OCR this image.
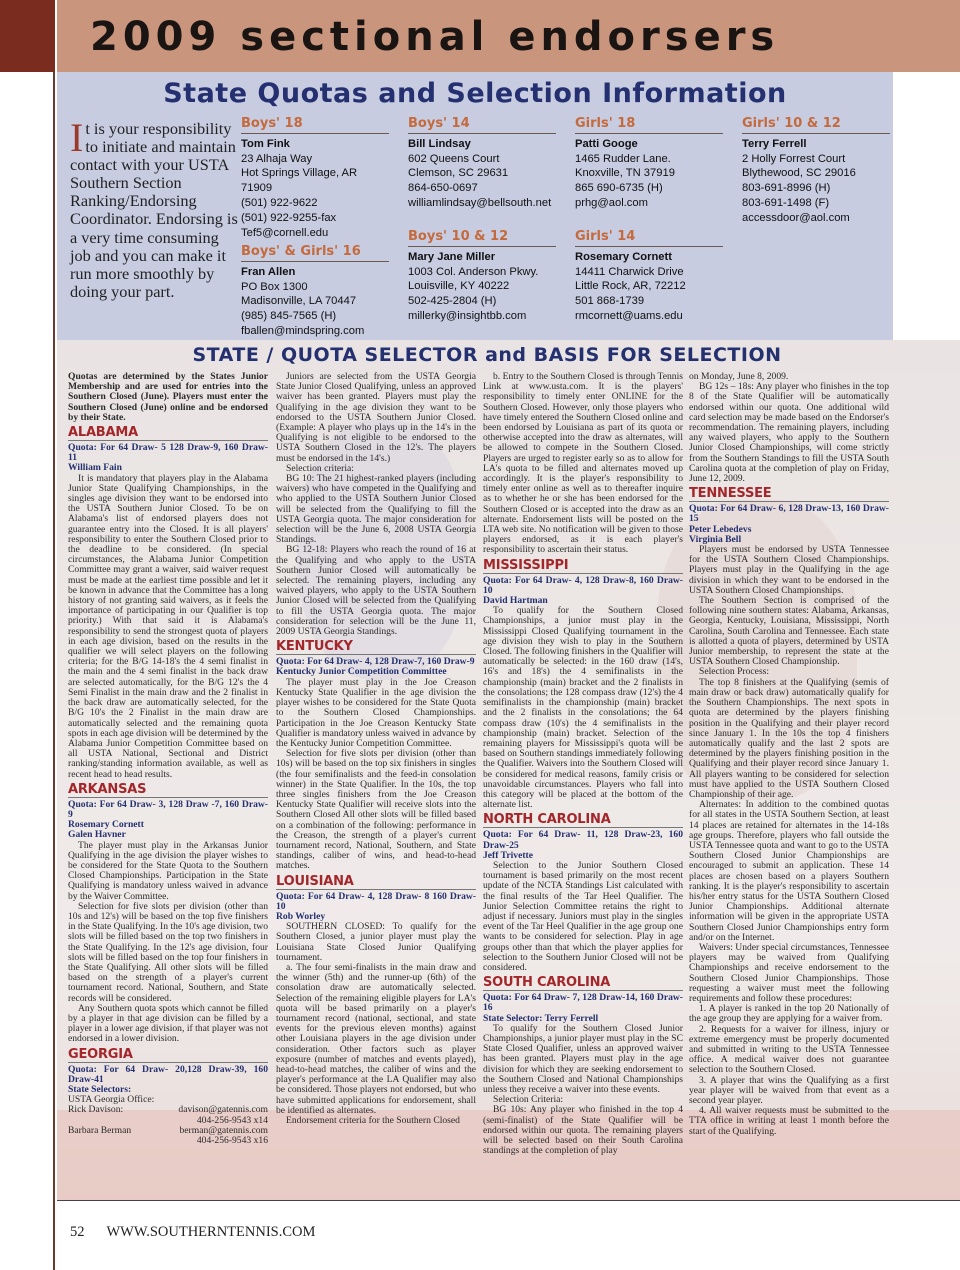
2009 sectional endorsers
State Quotas and Selection Information
It is your responsibility to initiate and maintain contact with your USTA Southern Section Ranking/Endorsing Coordinator. Endorsing is a very time consuming job and you can make it run more smoothly by doing your part.
Boys' 18
Tom Fink
23 Alhaja Way
Hot Springs Village, AR 71909
(501) 922-9622
(501) 922-9255-fax
Tef5@cornell.edu
Boys' 14
Bill Lindsay
602 Queens Court
Clemson, SC 29631
864-650-0697
williamlindsay@bellsouth.net
Girls' 18
Patti Googe
1465 Rudder Lane.
Knoxville, TN 37919
865 690-6735 (H)
prhg@aol.com
Girls' 10 & 12
Terry Ferrell
2 Holly Forrest Court
Blythewood, SC 29016
803-691-8996 (H)
803-691-1498 (F)
accessdoor@aol.com
Boys' & Girls' 16
Fran Allen
PO Box 1300
Madisonville, LA 70447
(985) 845-7565 (H)
fballen@mindspring.com
Boys' 10 & 12
Mary Jane Miller
1003 Col. Anderson Pkwy.
Louisville, KY 40222
502-425-2804 (H)
millerky@insightbb.com
Girls' 14
Rosemary Cornett
14411 Charwick Drive
Little Rock, AR, 72212
501 868-1739
rmcornett@uams.edu
STATE / QUOTA SELECTOR and BASIS FOR SELECTION

Quotas are determined by the States Junior Membership and are used for entries into the Southern Closed (June). Players must enter the Southern Closed (June) online and be endorsed by their State.

ALABAMA

Quota: For 64 Draw- 5 128 Draw-9, 160 Draw-11

William Fain

It is mandatory that players play in the Alabama Junior State Qualifying Championships, in the singles age division they want to be endorsed into the USTA Southern Junior Closed. To be on Alabama's list of endorsed players does not guarantee entry into the Closed. It is all players' responsibility to enter the Southern Closed prior to the deadline to be considered. (In special circumstances, the Alabama Junior Competition Committee may grant a waiver, said waiver request must be made at the earliest time possible and let it be known in advance that the Committee has a long history of not granting said waivers, as it feels the importance of participating in our Qualifier is top priority.) With that said it is Alabama's responsibility to send the strongest quota of players in each age division, based on the results in the qualifier we will select players on the following criteria; for the B/G 14-18's the 4 semi finalist in the main and the 4 semi finalist in the back draw are selected automatically, for the B/G 12's the 4 Semi Finalist in the main draw and the 2 finalist in the back draw are automatically selected, for the B/G 10's the 2 Finalist in the main draw are automatically selected and the remaining quota spots in each age division will be determined by the Alabama Junior Competition Committee based on all USTA National, Sectional and District ranking/standing information available, as well as recent head to head results.

ARKANSAS

Quota: For 64 Draw- 3, 128 Draw -7, 160 Draw-9

Rosemary Cornett

Galen Havner

The player must play in the Arkansas Junior Qualifying in the age division the player wishes to be considered for the State Quota to the Southern Closed Championships. Participation in the State Qualifying is mandatory unless waived in advance by the Waiver Committee.

Selection for five slots per division (other than 10s and 12's) will be based on the top five finishers in the State Qualifying. In the 10's age division, two slots will be filled based on the top two finishers in the State Qualifying. In the 12's age division, four slots will be filled based on the top four finishers in the State Qualifying. All other slots will be filled based on the strength of a player's current tournament record. National, Southern, and State records will be considered.

Any Southern quota spots which cannot be filled by a player in that age division can be filled by a player in a lower age division, if that player was not endorsed in a lower division.

GEORGIA

Quota: For 64 Draw- 20,128 Draw-39, 160 Draw-41

State Selectors:

USTA Georgia Office:

Rick Davison:	davison@gatennis.com

404-256-9543 x14

Barbara Berman	berman@gatennis.com

404-256-9543 x16

Juniors are selected from the USTA Georgia State Junior Closed Qualifying, unless an approved waiver has been granted. Players must play the Qualifying in the age division they want to be endorsed to the USTA Southern Junior Closed. (Example: A player who plays up in the 14's in the Qualifying is not eligible to be endorsed to the USTA Southern Closed in the 12's. The players must be endorsed in the 14's.)

Selection criteria:

BG 10: The 21 highest-ranked players (including waivers) who have competed in the Qualifying and who applied to the USTA Southern Junior Closed will be selected from the Qualifying to fill the USTA Georgia quota. The major consideration for selection will be the June 6, 2008 USTA Georgia Standings.

BG 12-18: Players who reach the round of 16 at the Qualifying and who apply to the USTA Southern Junior Closed will automatically be selected. The remaining players, including any waived players, who apply to the USTA Southern Junior Closed will be selected from the Qualifying to fill the USTA Georgia quota. The major consideration for selection will be the June 11, 2009 USTA Georgia Standings.

KENTUCKY

Quota: For 64 Draw- 4, 128 Draw-7, 160 Draw-9

Kentucky Junior Competition Committee

The player must play in the Joe Creason Kentucky State Qualifier in the age division the player wishes to be considered for the State Quota to the Southern Closed Championships. Participation in the Joe Creason Kentucky State Qualifier is mandatory unless waived in advance by the Kentucky Junior Competition Committee.

Selection for five slots per division (other than 10s) will be based on the top six finishers in singles (the four semifinalists and the feed-in consolation winner) in the State Qualifier. In the 10s, the top three singles finishers from the Joe Creason Kentucky State Qualifier will receive slots into the Southern Closed All other slots will be filled based on a combination of the following: performance in the Creason, the strength of a player's current tournament record, National, Southern, and State standings, caliber of wins, and head-to-head matches.

LOUISIANA

Quota: For 64 Draw- 4, 128 Draw- 8 160 Draw-10

Rob Worley

SOUTHERN CLOSED: To qualify for the Southern Closed, a junior player must play the Louisiana State Closed Junior Qualifying tournament.

a. The four semi-finalists in the main draw and the winner (5th) and the runner-up (6th) of the consolation draw are automatically selected. Selection of the remaining eligible players for LA's quota will be based primarily on a player's tournament record (national, sectional, and state events for the previous eleven months) against other Louisiana players in the age division under consideration. Other factors such as player exposure (number of matches and events played), head-to-head matches, the caliber of wins and the player's performance at the LA Qualifier may also be considered. Those players not endorsed, but who have submitted applications for endorsement, shall be identified as alternates.

Endorsement criteria for the Southern Closed

b. Entry to the Southern Closed is through Tennis Link at www.usta.com. It is the players' responsibility to timely enter ONLINE for the Southern Closed. However, only those players who have timely entered the Southern Closed online and been endorsed by Louisiana as part of its quota or otherwise accepted into the draw as alternates, will be allowed to compete in the Southern Closed. Players are urged to register early so as to allow for LA's quota to be filled and alternates moved up accordingly. It is the player's responsibility to timely enter online as well as to thereafter inquire as to whether he or she has been endorsed for the Southern Closed or is accepted into the draw as an alternate. Endorsement lists will be posted on the LTA web site. No notification will be given to those players endorsed, as it is each player's responsibility to ascertain their status.

MISSISSIPPI

Quota: For 64 Draw- 4, 128 Draw-8, 160 Draw-10

David Hartman

To qualify for the Southern Closed Championships, a junior must play in the Mississippi Closed Qualifying tournament in the age division they wish to play in the Southern Closed. The following finishers in the Qualifier will automatically be selected: in the 160 draw (14's, 16's and 18's) the 4 semifinalists in the championship (main) bracket and the 2 finalists in the consolations; the 128 compass draw (12's) the 4 semifinalists in the championship (main) bracket and the 2 finalists in the consolations; the 64 compass draw (10's) the 4 semifinalists in the championship (main) bracket. Selection of the remaining players for Mississippi's quota will be based on Southern standings immediately following the Qualifier. Waivers into the Southern Closed will be considered for medical reasons, family crisis or unavoidable circumstances. Players who fall into this category will be placed at the bottom of the alternate list.

NORTH CAROLINA

Quota: For 64 Draw- 11, 128 Draw-23, 160 Draw-25

Jeff Trivette

Selection to the Junior Southern Closed tournament is based primarily on the most recent update of the NCTA Standings List calculated with the final results of the Tar Heel Qualifier. The Junior Selection Committee retains the right to adjust if necessary. Juniors must play in the singles event of the Tar Heel Qualifier in the age group one wants to be considered for selection. Play in age groups other than that which the player applies for selection to the Southern Junior Closed will not be considered.

SOUTH CAROLINA

Quota: For 64 Draw- 7, 128 Draw-14, 160 Draw-16

State Selector: Terry Ferrell

To qualify for the Southern Closed Junior Championships, a junior player must play in the SC State Closed Qualifier, unless an approved waiver has been granted. Players must play in the age division for which they are seeking endorsement to the Southern Closed and National Championships unless they receive a waiver into these events.

Selection Criteria:

BG 10s: Any player who finished in the top 4 (semi-finalist) of the State Qualifier will be endorsed within our quota. The remaining players will be selected based on their South Carolina standings at the completion of play

on Monday, June 8, 2009.

BG 12s – 18s: Any player who finishes in the top 8 of the State Qualifier will be automatically endorsed within our quota. One additional wild card selection may be made based on the Endorser's recommendation. The remaining players, including any waived players, who apply to the Southern Junior Closed Championships, will come strictly from the Southern Standings to fill the USTA South Carolina quota at the completion of play on Friday, June 12, 2009.

TENNESSEE

Quota: For 64 Draw- 6, 128 Draw-13, 160 Draw-15

Peter Lebedevs

Virginia Bell

Players must be endorsed by USTA Tennessee for the USTA Southern Closed Championships. Players must play in the Qualifying in the age division in which they want to be endorsed in the USTA Southern Closed Championships.

The Southern Section is comprised of the following nine southern states: Alabama, Arkansas, Georgia, Kentucky, Louisiana, Mississippi, North Carolina, South Carolina and Tennessee. Each state is allotted a quota of players, determined by USTA Junior membership, to represent the state at the USTA Southern Closed Championship.

Selection Process:

The top 8 finishers at the Qualifying (semis of main draw or back draw) automatically qualify for the Southern Championships. The next spots in quota are determined by the players finishing position in the Qualifying and their player record since January 1. In the 10s the top 4 finishers automatically qualify and the last 2 spots are determined by the players finishing position in the Qualifying and their player record since January 1. All players wanting to be considered for selection must have applied to the USTA Southern Closed Championship of their age.

Alternates: In addition to the combined quotas for all states in the USTA Southern Section, at least 14 places are retained for alternates in the 14-18s age groups. Therefore, players who fall outside the USTA Tennessee quota and want to go to the USTA Southern Closed Junior Championships are encouraged to submit an application. These 14 places are chosen based on a players Southern ranking. It is the player's responsibility to ascertain his/her entry status for the USTA Southern Closed Junior Championships. Additional alternate information will be given in the appropriate USTA Southern Closed Junior Championships entry form and/or on the Internet.

Waivers: Under special circumstances, Tennessee players may be waived from Qualifying Championships and receive endorsement to the Southern Closed Junior Championships. Those requesting a waiver must meet the following requirements and follow these procedures:

1. A player is ranked in the top 20 Nationally of the age group they are applying for a waiver from.

2. Requests for a waiver for illness, injury or extreme emergency must be properly documented and submitted in writing to the USTA Tennessee office. A medical waiver does not guarantee selection to the Southern Closed.

3. A player that wins the Qualifying as a first year player will be waived from that event as a second year player.

4. All waiver requests must be submitted to the TTA office in writing at least 1 month before the start of the Qualifying.

52 WWW.SOUTHERNTENNIS.COM
